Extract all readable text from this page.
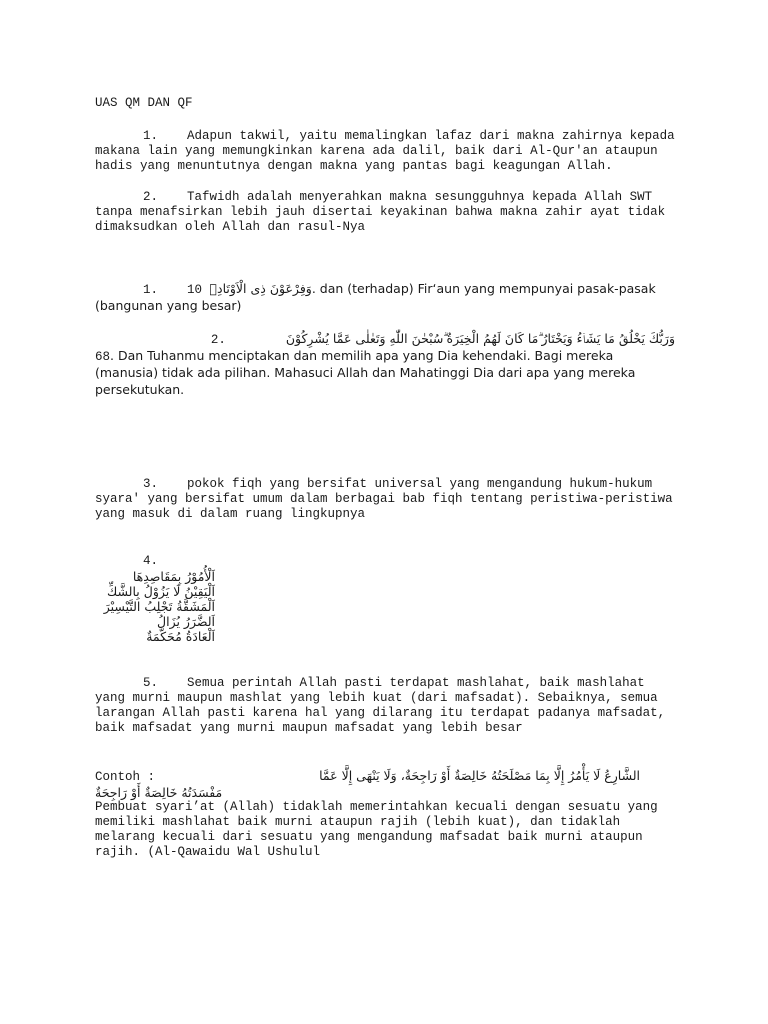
UAS QM DAN QF

1. Adapun takwil, yaitu memalingkan lafaz dari makna zahirnya kepada makana lain yang memungkinkan karena ada dalil, baik dari Al-Qur'an ataupun hadis yang menuntutnya dengan makna yang pantas bagi keagungan Allah.

2. Tafwidh adalah menyerahkan makna sesungguhnya kepada Allah SWT tanpa menafsirkan lebih jauh disertai keyakinan bahwa makna zahir ayat tidak dimaksudkan oleh Allah dan rasul-Nya

1. 10 وَفِرْعَوْنَ ذِى الْاَوْتَادِۙ. dan (terhadap) Fir‘aun yang mempunyai pasak-pasak (bangunan yang besar)

وَرَبُّكَ يَخْلُقُ مَا يَشَاۤءُ وَيَخْتَارُ ۗمَا كَانَ لَهُمُ الْخِيَرَةُ ۗسُبْحٰنَ اللّٰهِ وَتَعٰلٰى عَمَّا يُشْرِكُوْنَ2.
68. Dan Tuhanmu menciptakan dan memilih apa yang Dia kehendaki. Bagi mereka (manusia) tidak ada pilihan. Mahasuci Allah dan Mahatinggi Dia dari apa yang mereka persekutukan.

3. pokok fiqh yang bersifat universal yang mengandung hukum-hukum syara' yang bersifat umum dalam berbagai bab fiqh tentang peristiwa-peristiwa yang masuk di dalam ruang lingkupnya

4.
اَلْأُمُوْرُ بِمَقَاصِدِهَا
اَلْيَقِيْنُ لَا يَزُوْلُ بِالشَّكِّ
اَلْمَشَقَّةُ تَجْلِبُ التَّيْسِيْرَ
اَلضَّرَرُ يُزَالُ
اَلْعَادَةُ مُحَكَّمَةٌ

5. Semua perintah Allah pasti terdapat mashlahat, baik mashlahat yang murni maupun mashlat yang lebih kuat (dari mafsadat). Sebaiknya, semua larangan Allah pasti karena hal yang dilarang itu terdapat padanya mafsadat, baik mafsadat yang murni maupun mafsadat yang lebih besar

Contoh :	الشَّارِعُ لَا يَأْمُرُ إِلَّا بِمَا مَصْلَحَتُهُ خَالِصَةٌ أَوْ رَاجِحَةٌ، وَلَا يَنْهَى إِلَّا عَمَّا
مَفْسَدَتُهُ خَالِصَةٌ أَوْ رَاجِحَةٌ
Pembuat syari’at (Allah) tidaklah memerintahkan kecuali dengan sesuatu yang memiliki mashlahat baik murni ataupun rajih (lebih kuat), dan tidaklah melarang kecuali dari sesuatu yang mengandung mafsadat baik murni ataupun rajih. (Al-Qawaidu Wal Ushulul
